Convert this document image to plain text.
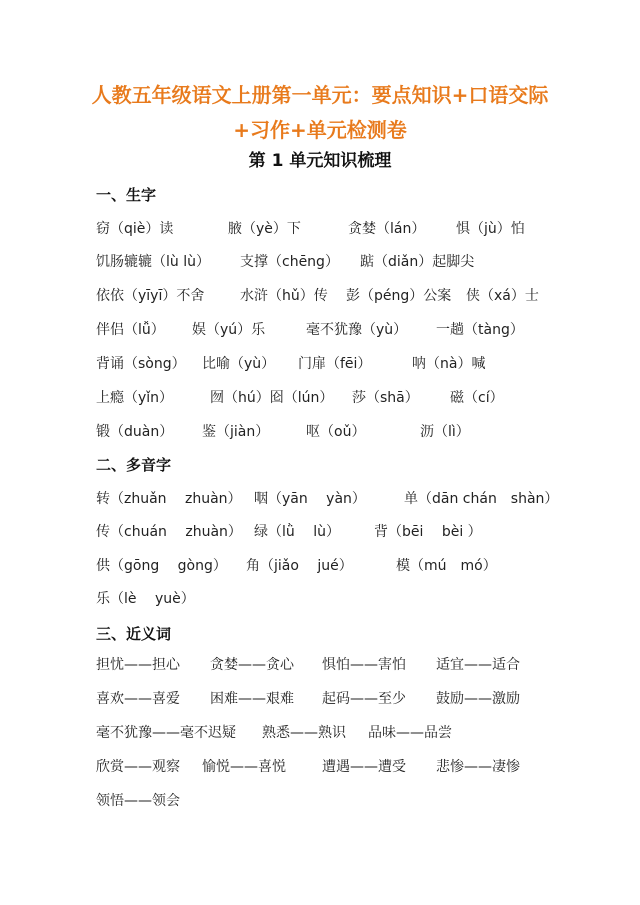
人教五年级语文上册第一单元：要点知识+口语交际
+习作+单元检测卷
第 1 单元知识梳理
一、生字
二、多音字
三、近义词
窃（qiè）读	腋（yè）下	贪婪（lán） 惧（jù）怕
饥肠辘辘（lù lù） 支撑（chēng） 踮（diǎn）起脚尖
依依（yīyī）不舍	水浒（hǔ）传 彭（péng）公案 侠（xá）士
伴侣（lǚ） 娱（yú）乐	毫不犹豫（yù） 一趟（tàng）
背诵（sòng） 比喻（yù） 门扉（fēi）	呐（nà）喊
上瘾（yǐn）	囫（hú）囵（lún） 莎（shā） 磁（cí）
锻（duàn） 鉴（jiàn）	呕（oǔ）	沥（lì）
转（zhuǎn　 zhuàn） 咽（yān　 yàn）	单（dān chán　shàn）
传（chuán　 zhuàn） 绿（lǜ　 lù） 背（bēi　 bèi ）
供（gōng　 gòng） 角（jiǎo　 jué）	模（mú　mó）
乐（lè　 yuè）
担忧——担心 贪婪——贪心 惧怕——害怕 适宜——适合
喜欢——喜爱 困难——艰难 起码——至少 鼓励——激励
毫不犹豫——毫不迟疑 熟悉——熟识 品味——品尝
欣赏——观察 愉悦——喜悦	遭遇——遭受 悲惨——凄惨
领悟——领会
